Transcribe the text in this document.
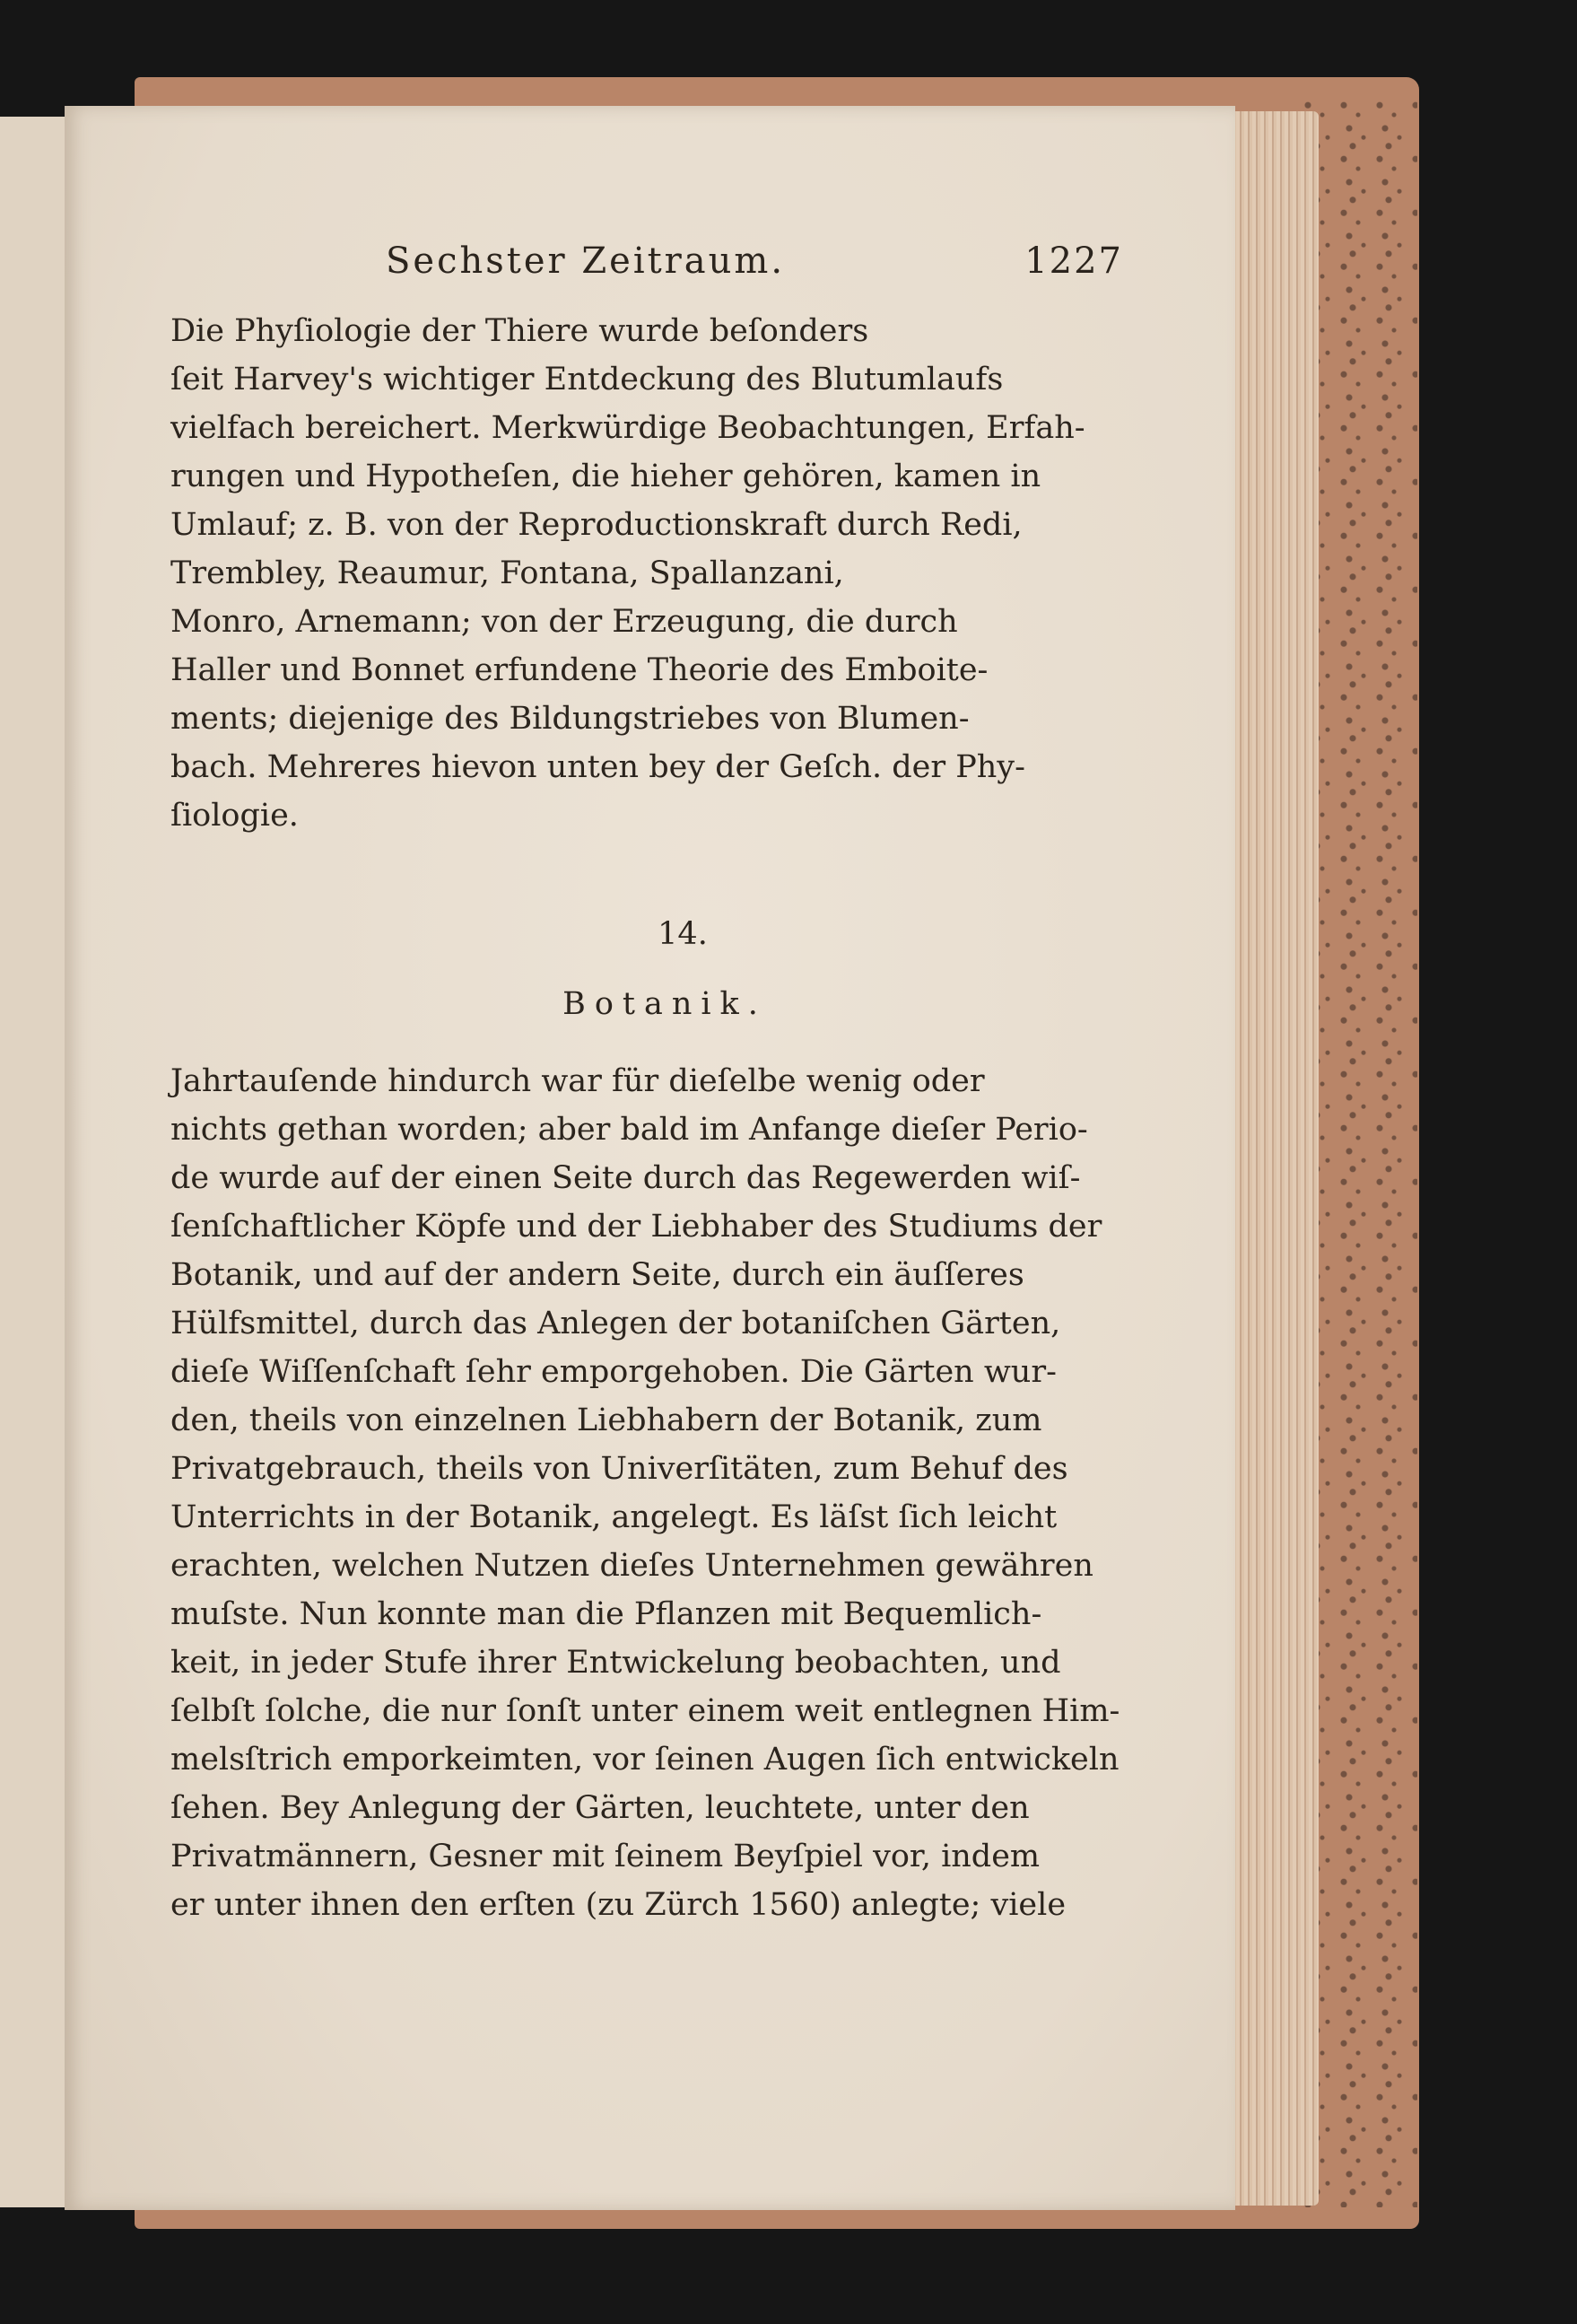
Sechster Zeitraum.	1227
Die Phyſiologie der Thiere wurde beſonders
ſeit Harvey's wichtiger Entdeckung des Blutumlaufs
vielfach bereichert. Merkwürdige Beobachtungen, Erfah-
rungen und Hypotheſen, die hieher gehören, kamen in
Umlauf; z. B. von der Reproductionskraft durch Redi,
Trembley, Reaumur, Fontana, Spallanzani,
Monro, Arnemann; von der Erzeugung, die durch
Haller und Bonnet erfundene Theorie des Emboite-
ments; diejenige des Bildungstriebes von Blumen-
bach. Mehreres hievon unten bey der Geſch. der Phy-
ſiologie.
14.
Botanik.
Jahrtauſende hindurch war für dieſelbe wenig oder
nichts gethan worden; aber bald im Anfange dieſer Perio-
de wurde auf der einen Seite durch das Regewerden wiſ-
ſenſchaftlicher Köpfe und der Liebhaber des Studiums der
Botanik, und auf der andern Seite, durch ein äuſſeres
Hülfsmittel, durch das Anlegen der botaniſchen Gärten,
dieſe Wiſſenſchaft ſehr emporgehoben. Die Gärten wur-
den, theils von einzelnen Liebhabern der Botanik, zum
Privatgebrauch, theils von Univerſitäten, zum Behuf des
Unterrichts in der Botanik, angelegt. Es läſst ſich leicht
erachten, welchen Nutzen dieſes Unternehmen gewähren
muſste. Nun konnte man die Pflanzen mit Bequemlich-
keit, in jeder Stufe ihrer Entwickelung beobachten, und
ſelbſt ſolche, die nur ſonſt unter einem weit entlegnen Him-
melsſtrich emporkeimten, vor ſeinen Augen ſich entwickeln
ſehen. Bey Anlegung der Gärten, leuchtete, unter den
Privatmännern, Gesner mit ſeinem Beyſpiel vor, indem
er unter ihnen den erſten (zu Zürch 1560) anlegte; viele
